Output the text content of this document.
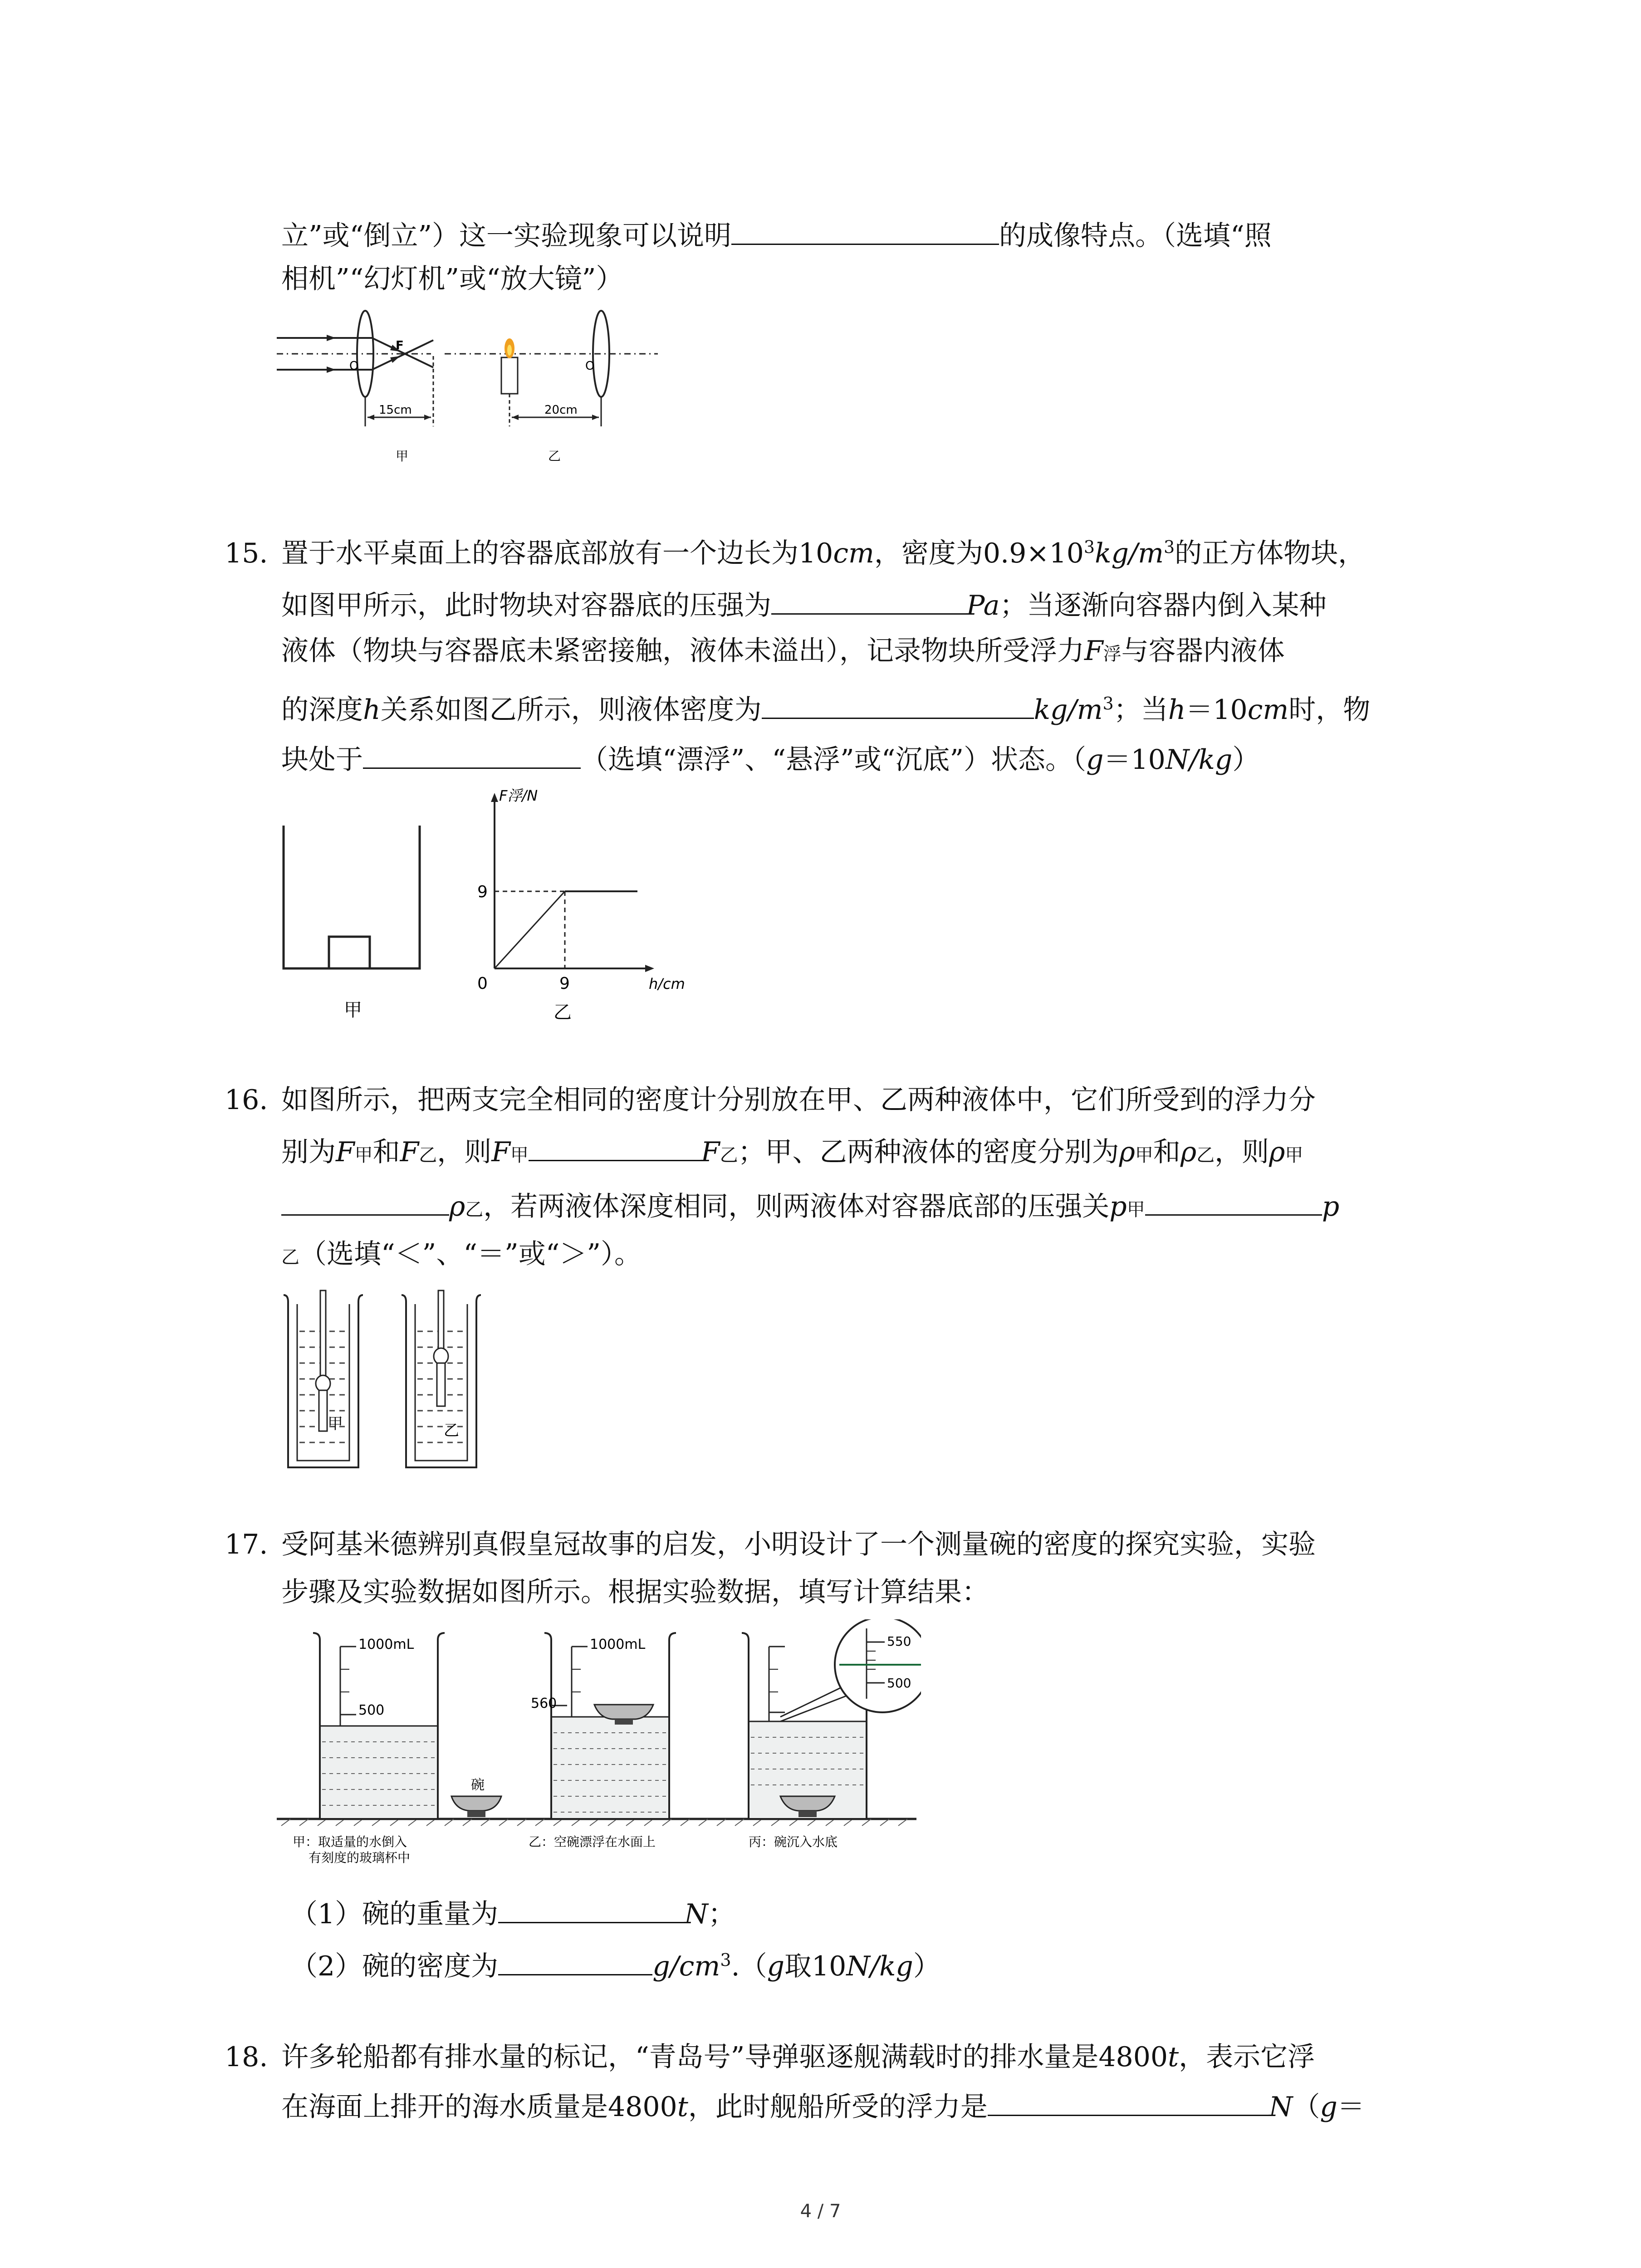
立”或“倒立”）这一实验现象可以说明	的成像特点。（选填“照
相机”“幻灯机”或“放大镜”）
O
F
15cm
甲
20cm
O
乙
15. 置于水平桌面上的容器底部放有一个边长为10cm，密度为$0.9\times 10^3kg/m^3$的正方体物块，
如图甲所示，此时物块对容器底的压强为	Pa；当逐渐向容器内倒入某种
液体（物块与容器底未紧密接触，液体未溢出），记录物块所受浮力F浮与容器内液体
的深度h关系如图乙所示，则液体密度为	$kg/m^3$；当h＝10cm时，物
块处于	（选填“漂浮”、“悬浮”或“沉底”）状态。（g＝10N/kg）
甲
F浮/N
9
9
0	h/cm
乙
16. 如图所示，把两支完全相同的密度计分别放在甲、乙两种液体中，它们所受到的浮力分
别为F甲和F乙，则F甲	F乙；甲、乙两种液体的密度分别为ρ甲和ρ乙，则ρ甲
ρ乙，若两液体深度相同，则两液体对容器底部的压强关p甲	p
乙（选填“＜”、“＝”或“＞”）。
甲	乙
17. 受阿基米德辨别真假皇冠故事的启发，小明设计了一个测量碗的密度的探究实验，实验
步骤及实验数据如图所示。根据实验数据，填写计算结果：
1000mL
500
碗
1000mL
560
550
500
甲：取适量的水倒入
有刻度的玻璃杯中
乙：空碗漂浮在水面上	丙：碗沉入水底
（1）碗的重量为	N；
（2）碗的密度为	$g/cm^3.(g$取10N/kg）
18. 许多轮船都有排水量的标记，“青岛号”导弹驱逐舰满载时的排水量是4800t，表示它浮
在海面上排开的海水质量是4800t，此时舰船所受的浮力是	N（g＝
4 / 7
